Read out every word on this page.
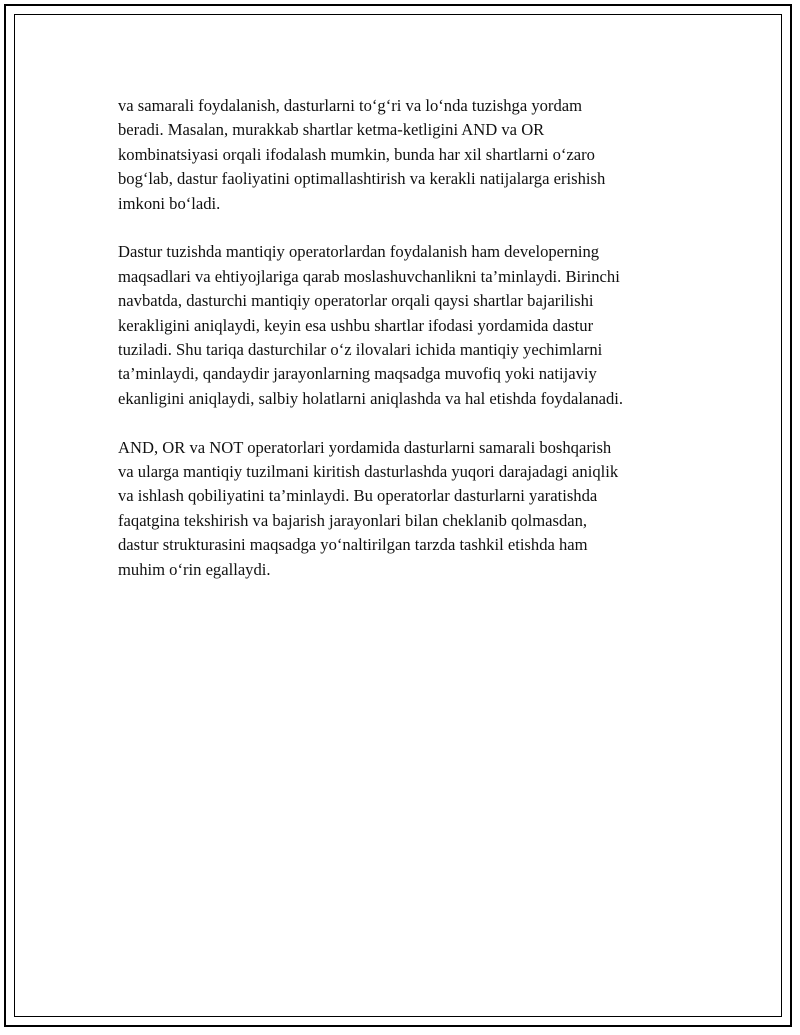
va samarali foydalanish, dasturlarni to‘g‘ri va lo‘nda tuzishga yordam
beradi. Masalan, murakkab shartlar ketma-ketligini AND va OR
kombinatsiyasi orqali ifodalash mumkin, bunda har xil shartlarni o‘zaro
bog‘lab, dastur faoliyatini optimallashtirish va kerakli natijalarga erishish
imkoni bo‘ladi.

Dastur tuzishda mantiqiy operatorlardan foydalanish ham developerning
maqsadlari va ehtiyojlariga qarab moslashuvchanlikni ta’minlaydi. Birinchi
navbatda, dasturchi mantiqiy operatorlar orqali qaysi shartlar bajarilishi
kerakligini aniqlaydi, keyin esa ushbu shartlar ifodasi yordamida dastur
tuziladi. Shu tariqa dasturchilar o‘z ilovalari ichida mantiqiy yechimlarni
ta’minlaydi, qandaydir jarayonlarning maqsadga muvofiq yoki natijaviy
ekanligini aniqlaydi, salbiy holatlarni aniqlashda va hal etishda foydalanadi.

AND, OR va NOT operatorlari yordamida dasturlarni samarali boshqarish
va ularga mantiqiy tuzilmani kiritish dasturlashda yuqori darajadagi aniqlik
va ishlash qobiliyatini ta’minlaydi. Bu operatorlar dasturlarni yaratishda
faqatgina tekshirish va bajarish jarayonlari bilan cheklanib qolmasdan,
dastur strukturasini maqsadga yo‘naltirilgan tarzda tashkil etishda ham
muhim o‘rin egallaydi.
